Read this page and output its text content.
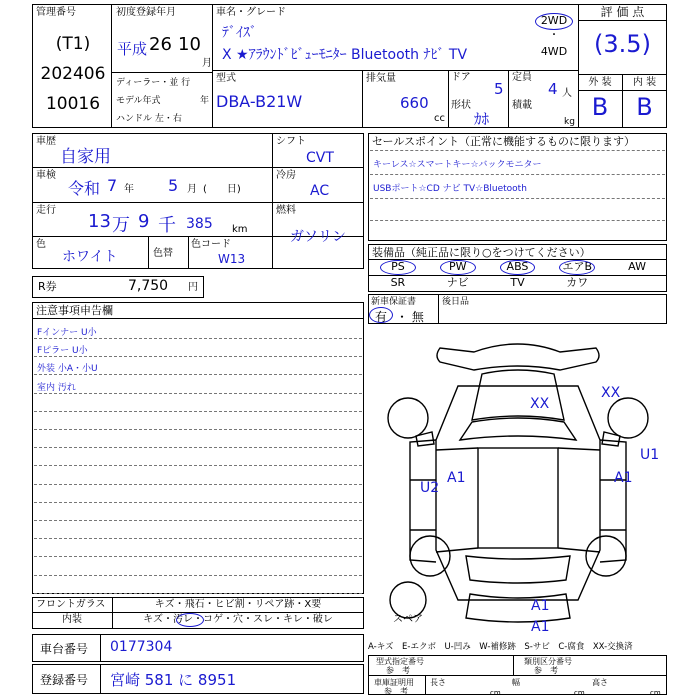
管理番号
(T1)
202406
10016
初度登録年月
平成 26 10
月
車名・グレード
ﾃﾞｲｽﾞ
X ★ｱﾗｳﾝﾄﾞﾋﾞｭｰﾓﾆﾀｰ Bluetooth ﾅﾋﾞ TV
2WD
・
4WD
評 価 点
(3.5)
ディーラー・並 行
モデル年式	年
ハンドル 左・右
型式
DBA-B21W
排気量
660
cc
ドア
5
形状
ｶﾎ
定員
4 人
積載
kg
外 装	内 装
B	B
車歴
自家用
シフト
CVT
車検
令和 7 年 5 月 (　　日)
冷房
AC
走行
13 万 9 千 385 km
燃料
ガソリン
色
ホワイト	色替
色コード
W13
R券	7,750 円
セールスポイント（正常に機能するものに限ります）
キーレス☆スマートキー☆バックモニター
USBポート☆CD ナビ TV☆Bluetooth
装備品（純正品に限り○をつけてください）
PS	PW	ABS	エアB	AW
SR	ナビ	TV	カワ
新車保証書
有 ・ 無
後日品
注意事項申告欄
Fインナー U小
Fピラー U小
外装 小A・小U
室内 汚れ
フロントガラス	キズ・飛石・ヒビ割・リペア跡・X要
内装	キズ・汚レ・コゲ・穴・スレ・キレ・破レ
車台番号 0177304
登録番号 宮崎 581 に 8951
A-キズ　E-エクボ　U-凹み　W-補修跡　S-サビ　C-腐食　XX-交換済
型式指定番号
参　考
類別区分番号
参　考
車庫証明用
参　考
長さ
cm
幅
cm
高さ
cm
XX
XX
U1
U2
A1	A1
A1
A1
スペア
